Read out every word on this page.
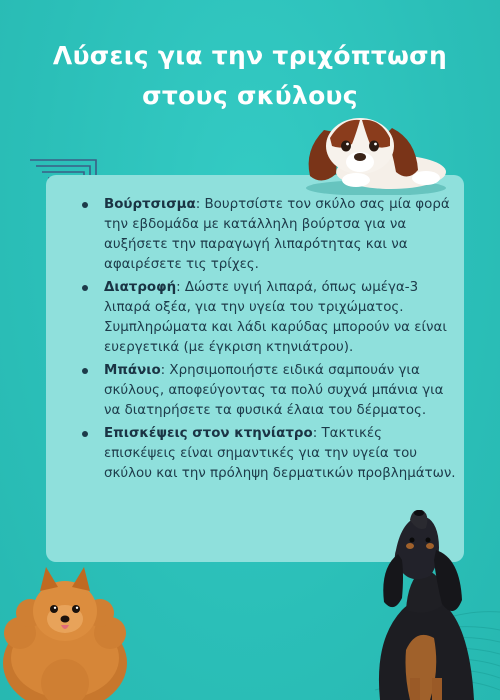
Λύσεις για την τριχόπτωση
στους σκύλους
Βούρτσισμα: Βουρτσίστε τον σκύλο σας μία φορά την εβδομάδα με κατάλληλη βούρτσα για να αυξήσετε την παραγωγή λιπαρότητας και να αφαιρέσετε τις τρίχες.
Διατροφή: Δώστε υγιή λιπαρά, όπως ωμέγα-3 λιπαρά οξέα, για την υγεία του τριχώματος. Συμπληρώματα και λάδι καρύδας μπορούν να είναι ευεργετικά (με έγκριση κτηνιάτρου).
Μπάνιο: Χρησιμοποιήστε ειδικά σαμπουάν για σκύλους, αποφεύγοντας τα πολύ συχνά μπάνια για να διατηρήσετε τα φυσικά έλαια του δέρματος.
Επισκέψεις στον κτηνίατρο: Τακτικές επισκέψεις είναι σημαντικές για την υγεία του σκύλου και την πρόληψη δερματικών προβλημάτων.
